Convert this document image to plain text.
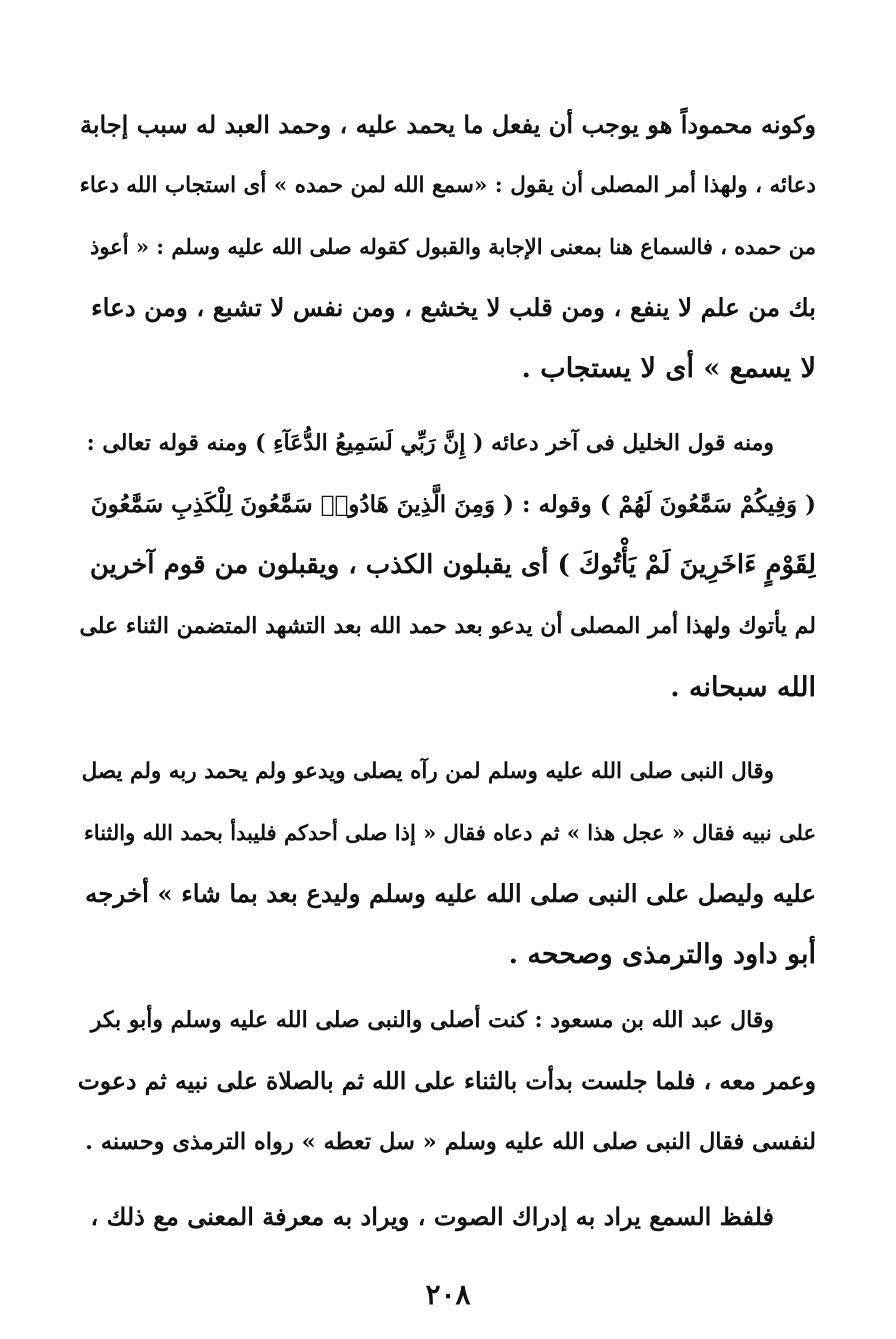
وكونه محموداً هو يوجب أن يفعل ما يحمد عليه ، وحمد العبد له سبب إجابة
دعائه ، ولهذا أمر المصلى أن يقول : «سمع الله لمن حمده » أى استجاب الله دعاء
من حمده ، فالسماع هنا بمعنى الإجابة والقبول كقوله صلى الله عليه وسلم : « أعوذ
بك من علم لا ينفع ، ومن قلب لا يخشع ، ومن نفس لا تشبع ، ومن دعاء
لا يسمع » أى لا يستجاب .
ومنه قول الخليل فى آخر دعائه ( إِنَّ رَبِّي لَسَمِيعُ الدُّعَآءِ ) ومنه قوله تعالى :
( وَفِيكُمْ سَمَّٰعُونَ لَهُمْ ) وقوله : ( وَمِنَ الَّذِينَ هَادُوا۟ سَمَّٰعُونَ لِلْكَذِبِ سَمَّٰعُونَ
لِقَوْمٍ ءَاخَرِينَ لَمْ يَأْتُوكَ ) أى يقبلون الكذب ، ويقبلون من قوم آخرين
لم يأتوك ولهذا أمر المصلى أن يدعو بعد حمد الله بعد التشهد المتضمن الثناء على
الله سبحانه .
وقال النبى صلى الله عليه وسلم لمن رآه يصلى ويدعو ولم يحمد ربه ولم يصل
على نبيه فقال « عجل هذا » ثم دعاه فقال « إذا صلى أحدكم فليبدأ بحمد الله والثناء
عليه وليصل على النبى صلى الله عليه وسلم وليدع بعد بما شاء » أخرجه
أبو داود والترمذى وصححه .
وقال عبد الله بن مسعود : كنت أصلى والنبى صلى الله عليه وسلم وأبو بكر
وعمر معه ، فلما جلست بدأت بالثناء على الله ثم بالصلاة على نبيه ثم دعوت
لنفسى فقال النبى صلى الله عليه وسلم « سل تعطه » رواه الترمذى وحسنه .
فلفظ السمع يراد به إدراك الصوت ، ويراد به معرفة المعنى مع ذلك ،
٢٠٨
